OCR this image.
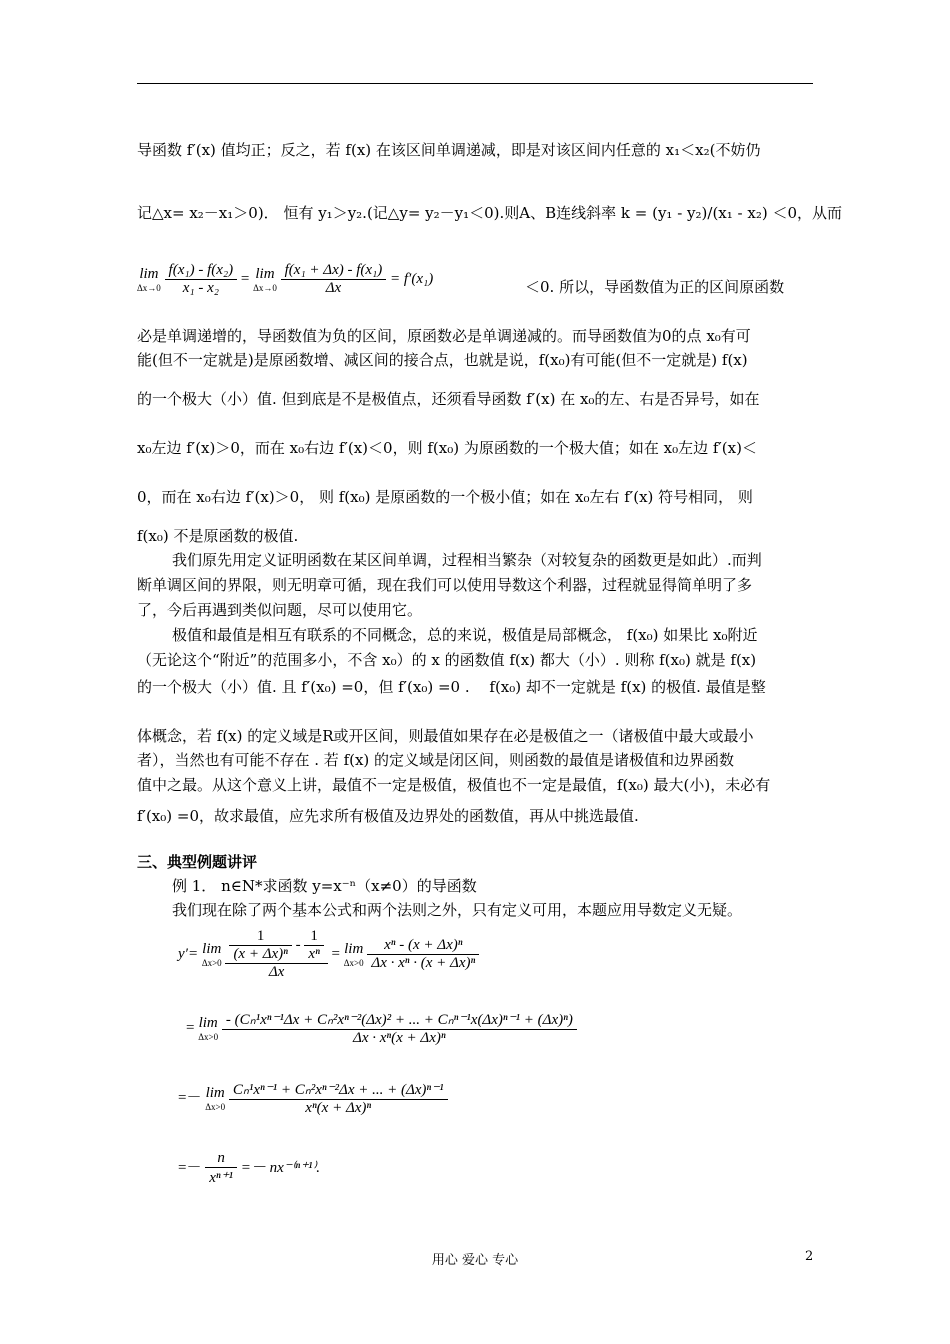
导函数 f′(x) 值均正；反之，若 f(x) 在该区间单调递减，即是对该区间内任意的 x₁＜x₂(不妨仍
记△x= x₂－x₁＞0)． 恒有 y₁＞y₂.(记△y= y₂－y₁＜0).则A、B连线斜率 k = (y₁ - y₂)/(x₁ - x₂) ＜0，从而
lim
Δx→0
$\frac{\text{f(x₁) - f(x₂)}}{\text{x₁ - x₂}} = \lim$
Δx→0
$\frac{\text{f(x₁ + Δx) - f(x₁)}}{\Delta x} = f'(x_1)$	＜0. 所以，导函数值为正的区间原函数
必是单调递增的，导函数值为负的区间，原函数必是单调递减的。而导函数值为0的点 x₀有可
能(但不一定就是)是原函数增、减区间的接合点，也就是说，f(x₀)有可能(但不一定就是) f(x)
的一个极大（小）值. 但到底是不是极值点，还须看导函数 f′(x) 在 x₀的左、右是否异号，如在
x₀左边 f′(x)＞0，而在 x₀右边 f′(x)＜0，则 f(x₀) 为原函数的一个极大值；如在 x₀左边 f′(x)＜
0，而在 x₀右边 f′(x)＞0， 则 f(x₀) 是原函数的一个极小值；如在 x₀左右 f′(x) 符号相同， 则
f(x₀) 不是原函数的极值.
我们原先用定义证明函数在某区间单调，过程相当繁杂（对较复杂的函数更是如此）.而判
断单调区间的界限，则无明章可循，现在我们可以使用导数这个利器，过程就显得简单明了多
了，今后再遇到类似问题，尽可以使用它。
极值和最值是相互有联系的不同概念，总的来说，极值是局部概念， f(x₀) 如果比 x₀附近
（无论这个“附近”的范围多小，不含 x₀）的 x 的函数值 f(x) 都大（小）. 则称 f(x₀) 就是 f(x)
的一个极大（小）值. 且 f′(x₀) =0，但 f′(x₀) =0 .　 f(x₀) 却不一定就是 f(x) 的极值. 最值是整
体概念，若 f(x) 的定义域是R或开区间，则最值如果存在必是极值之一（诸极值中最大或最小
者），当然也有可能不存在 . 若 f(x) 的定义域是闭区间，则函数的最值是诸极值和边界函数
值中之最。从这个意义上讲，最值不一定是极值，极值也不一定是最值，f(x₀) 最大(小)，未必有
f′(x₀) =0，故求最值，应先求所有极值及边界处的函数值，再从中挑选最值.
三、典型例题讲评
例 1． n∈N*求函数 y=x⁻ⁿ（x≠0）的导函数
我们现在除了两个基本公式和两个法则之外，只有定义可用，本题应用导数定义无疑。
y′= lim
Δx>0
$\frac{\frac{1}{\text{(x + Δx)ⁿ}} - \frac{1}{\text{xⁿ}}}{\Delta x} = \lim$
Δx>0
$\frac{\text{xⁿ - (x + Δx)ⁿ}}{\text{Δx · xⁿ · (x + Δx)ⁿ}}$
= lim
Δx>0
$\frac{\text{- (Cₙ¹xⁿ⁻¹Δx + Cₙ²xⁿ⁻²(Δx)² + ... + Cₙⁿ⁻¹x(Δx)ⁿ⁻¹ + (Δx)ⁿ)}}{\text{Δx · xⁿ(x + Δx)ⁿ}}$
=－ lim
Δx>0
$\frac{\text{Cₙ¹xⁿ⁻¹ + Cₙ²xⁿ⁻²Δx + ... + (Δx)ⁿ⁻¹}}{\text{xⁿ(x + Δx)ⁿ}}$
=－ $\frac{n}{\text{xⁿ⁺¹}} =- nx^{-(n+1)}$.
用心 爱心 专心	2
